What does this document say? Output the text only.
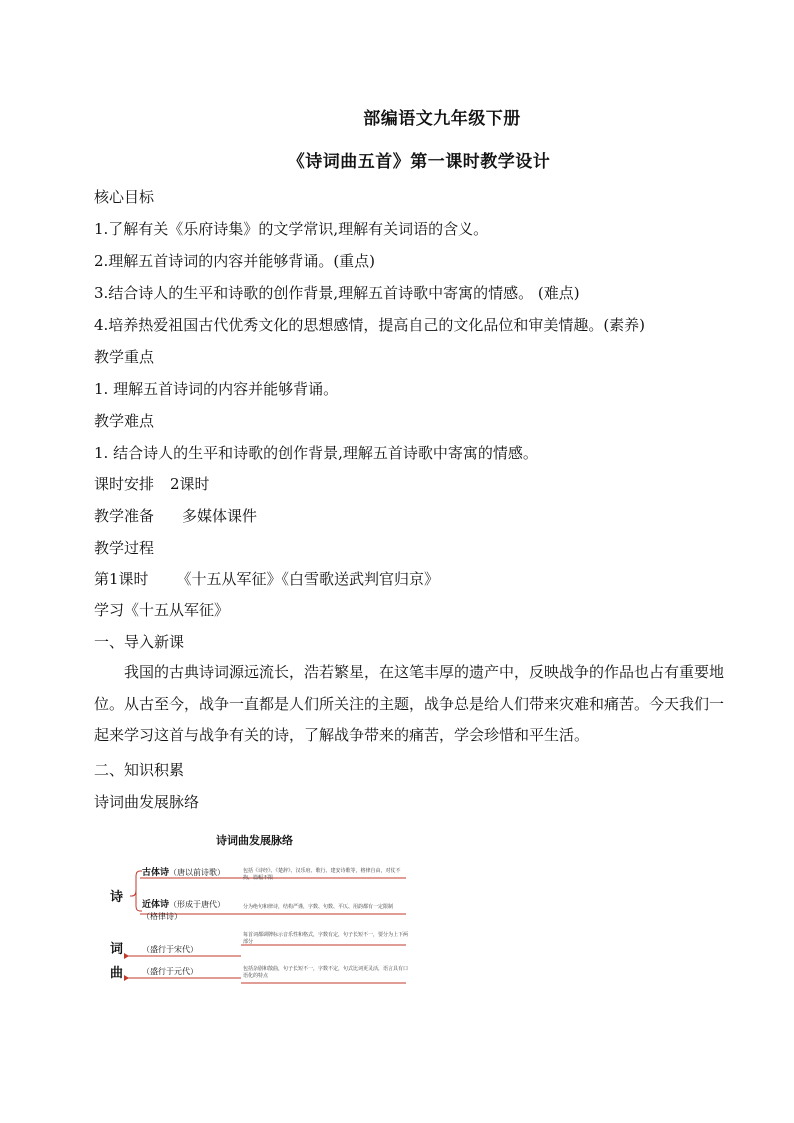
部编语文九年级下册
《诗词曲五首》第一课时教学设计
核心目标
1.了解有关《乐府诗集》的文学常识,理解有关词语的含义。
2.理解五首诗词的内容并能够背诵。(重点)
3.结合诗人的生平和诗歌的创作背景,理解五首诗歌中寄寓的情感。 (难点)
4.培养热爱祖国古代优秀文化的思想感情，提高自己的文化品位和审美情趣。(素养)
教学重点
1. 理解五首诗词的内容并能够背诵。
教学难点
1. 结合诗人的生平和诗歌的创作背景,理解五首诗歌中寄寓的情感。
课时安排 2课时
教学准备 多媒体课件
教学过程
第1课时 《十五从军征》《白雪歌送武判官归京》
学习《十五从军征》
一、导入新课

我国的古典诗词源远流长，浩若繁星，在这笔丰厚的遗产中，反映战争的作品也占有重要地位。从古至今，战争一直都是人们所关注的主题，战争总是给人们带来灾难和痛苦。今天我们一起来学习这首与战争有关的诗，了解战争带来的痛苦，学会珍惜和平生活。

二、知识积累
诗词曲发展脉络
诗词曲发展脉络
诗
词
曲
古体诗（唐以前诗歌）
近体诗（形成于唐代）
（格律诗）
（盛行于宋代）
（盛行于元代）
包括《诗经》、《楚辞》、汉乐府、歌行、建安诗歌等，格律自由，对仗不拘，篇幅不限
分为绝句和律诗，结构严谨，字数、句数、平仄、用韵都有一定限制
每首词都调牌标示音乐性和格式，字数有定，句子长短不一，要分为上下两部分
包括杂剧和散曲，句子长短不一，字数不定，句式比词更灵活，语言具有口语化的特点
